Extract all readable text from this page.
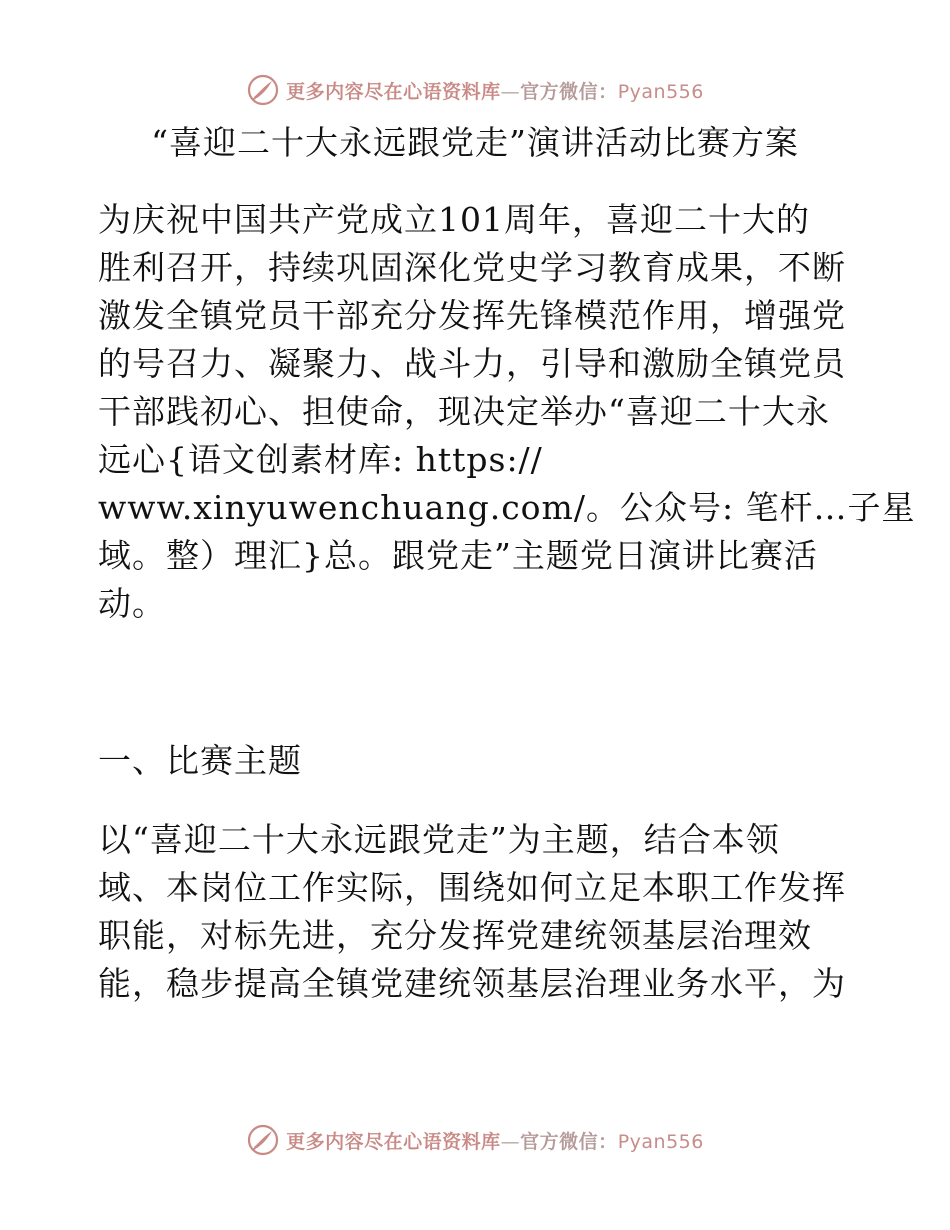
更多内容尽在心语资料库—官方微信：Pyan556
“喜迎二十大永远跟党走”演讲活动比赛方案
为庆祝中国共产党成立101周年，喜迎二十大的
胜利召开，持续巩固深化党史学习教育成果，不断
激发全镇党员干部充分发挥先锋模范作用，增强党
的号召力、凝聚力、战斗力，引导和激励全镇党员
干部践初心、担使命，现决定举办“喜迎二十大永
远心{语文创素材库: https://
www.xinyuwenchuang.com/。公众号: 笔杆…子星
域。整）理汇}总。跟党走”主题党日演讲比赛活
动。
一、比赛主题
以“喜迎二十大永远跟党走”为主题，结合本领
域、本岗位工作实际，围绕如何立足本职工作发挥
职能，对标先进，充分发挥党建统领基层治理效
能，稳步提高全镇党建统领基层治理业务水平，为
更多内容尽在心语资料库—官方微信：Pyan556
